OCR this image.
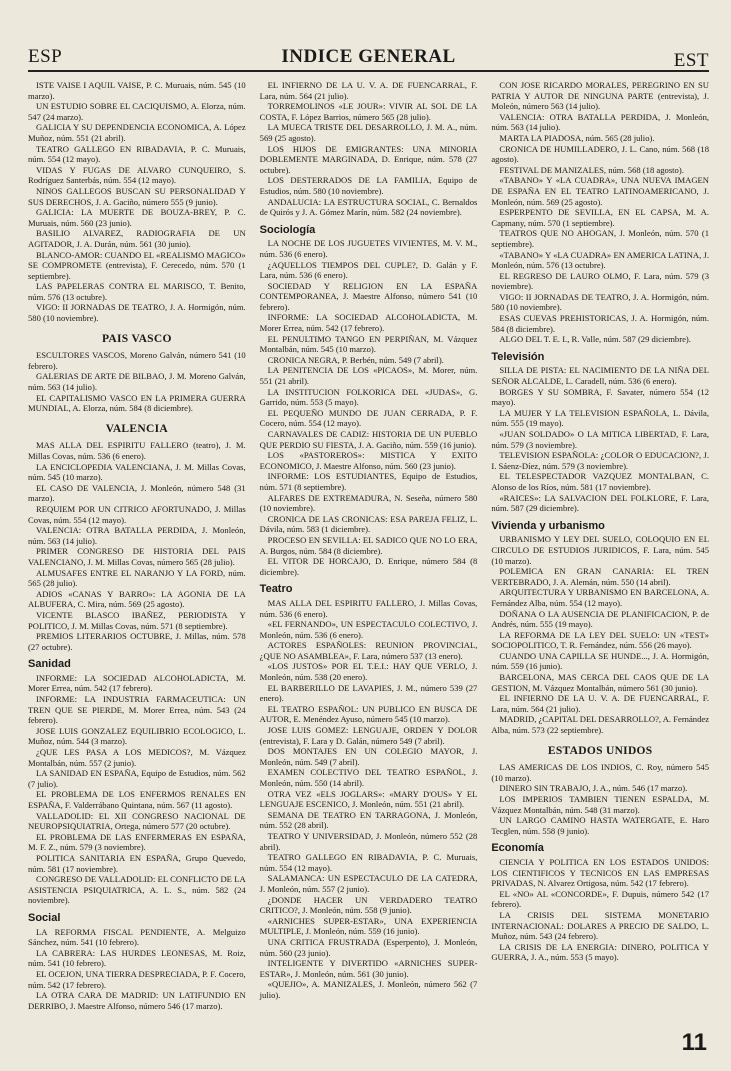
ESP	INDICE GENERAL	EST
ISTE VAISE I AQUIL VAISE, P. C. Muruais, núm. 545 (10 marzo).
UN ESTUDIO SOBRE EL CACIQUISMO, A. Elorza, núm. 547 (24 marzo).
GALICIA Y SU DEPENDENCIA ECONOMICA, A. López Muñoz, núm. 551 (21 abril).
TEATRO GALLEGO EN RIBADAVIA, P. C. Muruais, núm. 554 (12 mayo).
VIDAS Y FUGAS DE ALVARO CUNQUEIRO, S. Rodríguez Santerbás, núm. 554 (12 mayo).
NINOS GALLEGOS BUSCAN SU PERSONALIDAD Y SUS DERECHOS, J. A. Gaciño, número 555 (9 junio).
GALICIA: LA MUERTE DE BOUZA-BREY, P. C. Muruais, núm. 560 (23 junio).
BASILIO ALVAREZ, RADIOGRAFIA DE UN AGITADOR, J. A. Durán, núm. 561 (30 junio).
BLANCO-AMOR: CUANDO EL «REALISMO MAGICO» SE COMPROMETE (entrevista), F. Cerecedo, núm. 570 (1 septiembre).
LAS PAPELERAS CONTRA EL MARISCO, T. Benito, núm. 576 (13 octubre).
VIGO: II JORNADAS DE TEATRO, J. A. Hormigón, núm. 580 (10 noviembre).
PAIS VASCO
ESCULTORES VASCOS, Moreno Galván, número 541 (10 febrero).
GALERIAS DE ARTE DE BILBAO, J. M. Moreno Galván, núm. 563 (14 julio).
EL CAPITALISMO VASCO EN LA PRIMERA GUERRA MUNDIAL, A. Elorza, núm. 584 (8 diciembre).
VALENCIA
MAS ALLA DEL ESPIRITU FALLERO (teatro), J. M. Millas Covas, núm. 536 (6 enero).
LA ENCICLOPEDIA VALENCIANA, J. M. Millas Covas, núm. 545 (10 marzo).
EL CASO DE VALENCIA, J. Monleón, número 548 (31 marzo).
REQUIEM POR UN CITRICO AFORTUNADO, J. Millas Covas, núm. 554 (12 mayo).
VALENCIA: OTRA BATALLA PERDIDA, J. Monleón, núm. 563 (14 julio).
PRIMER CONGRESO DE HISTORIA DEL PAIS VALENCIANO, J. M. Millas Covas, número 565 (28 julio).
ALMUSAFES ENTRE EL NARANJO Y LA FORD, núm. 565 (28 julio).
ADIOS «CANAS Y BARRO»: LA AGONIA DE LA ALBUFERA, C. Mira, núm. 569 (25 agosto).
VICENTE BLASCO IBAÑEZ, PERIODISTA Y POLITICO, J. M. Millas Covas, núm. 571 (8 septiembre).
PREMIOS LITERARIOS OCTUBRE, J. Millas, núm. 578 (27 octubre).
Sanidad
INFORME: LA SOCIEDAD ALCOHOLADICTA, M. Morer Errea, núm. 542 (17 febrero).
INFORME: LA INDUSTRIA FARMACEUTICA: UN TREN QUE SE PIERDE, M. Morer Errea, núm. 543 (24 febrero).
JOSE LUIS GONZALEZ EQUILIBRIO ECOLOGICO, L. Muñoz, núm. 544 (3 marzo).
¿QUE LES PASA A LOS MEDICOS?, M. Vázquez Montalbán, núm. 557 (2 junio).
LA SANIDAD EN ESPAÑA, Equipo de Estudios, núm. 562 (7 julio).
EL PROBLEMA DE LOS ENFERMOS RENALES EN ESPAÑA, F. Valderrábano Quintana, núm. 567 (11 agosto).
VALLADOLID: EL XII CONGRESO NACIONAL DE NEUROPSIQUIATRIA, Ortega, número 577 (20 octubre).
EL PROBLEMA DE LAS ENFERMERAS EN ESPAÑA, M. F. Z., núm. 579 (3 noviembre).
POLITICA SANITARIA EN ESPAÑA, Grupo Quevedo, núm. 581 (17 noviembre).
CONGRESO DE VALLADOLID: EL CONFLICTO DE LA ASISTENCIA PSIQUIATRICA, A. L. S., núm. 582 (24 noviembre).
Social
LA REFORMA FISCAL PENDIENTE, A. Melguizo Sánchez, núm. 541 (10 febrero).
LA CABRERA: LAS HURDES LEONESAS, M. Roiz, núm. 541 (10 febrero).
EL OCEJON, UNA TIERRA DESPRECIADA, P. F. Cocero, núm. 542 (17 febrero).
LA OTRA CARA DE MADRID: UN LATIFUNDIO EN DERRIBO, J. Maestre Alfonso, número 546 (17 marzo).
EL INFIERNO DE LA U. V. A. DE FUENCARRAL, F. Lara, núm. 564 (21 julio).
TORREMOLINOS «LE JOUR»: VIVIR AL SOL DE LA COSTA, F. López Barrios, número 565 (28 julio).
LA MUECA TRISTE DEL DESARROLLO, J. M. A., núm. 569 (25 agosto).
LOS HIJOS DE EMIGRANTES: UNA MINORIA DOBLEMENTE MARGINADA, D. Enrique, núm. 578 (27 octubre).
LOS DESTERRADOS DE LA FAMILIA, Equipo de Estudios, núm. 580 (10 noviembre).
ANDALUCIA: LA ESTRUCTURA SOCIAL, C. Bernaldos de Quirós y J. A. Gómez Marín, núm. 582 (24 noviembre).
Sociología
LA NOCHE DE LOS JUGUETES VIVIENTES, M. V. M., núm. 536 (6 enero).
¿AQUELLOS TIEMPOS DEL CUPLE?, D. Galán y F. Lara, núm. 536 (6 enero).
SOCIEDAD Y RELIGION EN LA ESPAÑA CONTEMPORANEA, J. Maestre Alfonso, número 541 (10 febrero).
INFORME: LA SOCIEDAD ALCOHOLADICTA, M. Morer Errea, núm. 542 (17 febrero).
EL PENULTIMO TANGO EN PERPIÑAN, M. Vázquez Montalbán, núm. 545 (10 marzo).
CRONICA NEGRA, P. Berbén, núm. 549 (7 abril).
LA PENITENCIA DE LOS «PICAOS», M. Morer, núm. 551 (21 abril).
LA INSTITUCION FOLKORICA DEL «JUDAS», G. Garrido, núm. 553 (5 mayo).
EL PEQUEÑO MUNDO DE JUAN CERRADA, P. F. Cocero, núm. 554 (12 mayo).
CARNAVALES DE CADIZ: HISTORIA DE UN PUEBLO QUE PERDIO SU FIESTA, J. A. Gaciño, núm. 559 (16 junio).
LOS «PASTOREROS»: MISTICA Y EXITO ECONOMICO, J. Maestre Alfonso, núm. 560 (23 junio).
INFORME: LOS ESTUDIANTES, Equipo de Estudios, núm. 571 (8 septiembre).
ALFARES DE EXTREMADURA, N. Seseña, número 580 (10 noviembre).
CRONICA DE LAS CRONICAS: ESA PAREJA FELIZ, L. Dávila, núm. 583 (1 diciembre).
PROCESO EN SEVILLA: EL SADICO QUE NO LO ERA, A. Burgos, núm. 584 (8 diciembre).
EL VITOR DE HORCAJO, D. Enrique, número 584 (8 diciembre).
Teatro
MAS ALLA DEL ESPIRITU FALLERO, J. Millas Covas, núm. 536 (6 enero).
«EL FERNANDO», UN ESPECTACULO COLECTIVO, J. Monleón, núm. 536 (6 enero).
ACTORES ESPAÑOLES: REUNION PROVINCIAL, ¿QUE NO ASAMBLEA», F. Lara, número 537 (13 enero).
«LOS JUSTOS» POR EL T.E.I.: HAY QUE VERLO, J. Monleón, núm. 538 (20 enero).
EL BARBERILLO DE LAVAPIES, J. M., número 539 (27 enero).
EL TEATRO ESPAÑOL: UN PUBLICO EN BUSCA DE AUTOR, E. Menéndez Ayuso, número 545 (10 marzo).
JOSE LUIS GOMEZ: LENGUAJE, ORDEN Y DOLOR (entrevista), F. Lara y D. Galán, número 549 (7 abril).
DOS MONTAJES EN UN COLEGIO MAYOR, J. Monleón, núm. 549 (7 abril).
EXAMEN COLECTIVO DEL TEATRO ESPAÑOL, J. Monleón, núm. 550 (14 abril).
OTRA VEZ «ELS JOGLARS»: «MARY D'OUS» Y EL LENGUAJE ESCENICO, J. Monleón, núm. 551 (21 abril).
SEMANA DE TEATRO EN TARRAGONA, J. Monleón, núm. 552 (28 abril).
TEATRO Y UNIVERSIDAD, J. Monleón, número 552 (28 abril).
TEATRO GALLEGO EN RIBADAVIA, P. C. Muruais, núm. 554 (12 mayo).
SALAMANCA: UN ESPECTACULO DE LA CATEDRA, J. Monleón, núm. 557 (2 junio).
¿DONDE HACER UN VERDADERO TEATRO CRITICO?, J. Monleón, núm. 558 (9 junio).
«ARNICHES SUPER-ESTAR», UNA EXPERIENCIA MULTIPLE, J. Monleón, núm. 559 (16 junio).
UNA CRITICA FRUSTRADA (Esperpento), J. Monleón, núm. 560 (23 junio).
INTELIGENTE Y DIVERTIDO «ARNICHES SUPER-ESTAR», J. Monleón, núm. 561 (30 junio).
«QUEJIO», A. MANIZALES, J. Monleón, número 562 (7 julio).
CON JOSE RICARDO MORALES, PEREGRINO EN SU PATRIA Y AUTOR DE NINGUNA PARTE (entrevista), J. Moleón, número 563 (14 julio).
VALENCIA: OTRA BATALLA PERDIDA, J. Monleón, núm. 563 (14 julio).
MARTA LA PIADOSA, núm. 565 (28 julio).
CRONICA DE HUMILLADERO, J. L. Cano, núm. 568 (18 agosto).
FESTIVAL DE MANIZALES, núm. 568 (18 agosto).
«TABANO» Y «LA CUADRA», UNA NUEVA IMAGEN DE ESPAÑA EN EL TEATRO LATINOAMERICANO, J. Monleón, núm. 569 (25 agosto).
ESPERPENTO DE SEVILLA, EN EL CAPSA, M. A. Capmany, núm. 570 (1 septiembre).
TEATROS QUE NO AHOGAN, J. Monleón, núm. 570 (1 septiembre).
«TABANO» Y «LA CUADRA» EN AMERICA LATINA, J. Monleón, núm. 576 (13 octubre).
EL REGRESO DE LAURO OLMO, F. Lara, núm. 579 (3 noviembre).
VIGO: II JORNADAS DE TEATRO, J. A. Hormigón, núm. 580 (10 noviembre).
ESAS CUEVAS PREHISTORICAS, J. A. Hormigón, núm. 584 (8 diciembre).
ALGO DEL T. E. I., R. Valle, núm. 587 (29 diciembre).
Televisión
SILLA DE PISTA: EL NACIMIENTO DE LA NIÑA DEL SEÑOR ALCALDE, L. Caradell, núm. 536 (6 enero).
BORGES Y SU SOMBRA, F. Savater, número 554 (12 mayo).
LA MUJER Y LA TELEVISION ESPAÑOLA, L. Dávila, núm. 555 (19 mayo).
«JUAN SOLDADO» O LA MITICA LIBERTAD, F. Lara, núm. 579 (3 noviembre).
TELEVISION ESPAÑOLA: ¿COLOR O EDUCACION?, J. I. Sáenz-Díez, núm. 579 (3 noviembre).
EL TELESPECTADOR VAZQUEZ MONTALBAN, C. Alonso de los Ríos, núm. 581 (17 noviembre).
«RAICES»: LA SALVACION DEL FOLKLORE, F. Lara, núm. 587 (29 diciembre).
Vivienda y urbanismo
URBANISMO Y LEY DEL SUELO, COLOQUIO EN EL CIRCULO DE ESTUDIOS JURIDICOS, F. Lara, núm. 545 (10 marzo).
POLEMICA EN GRAN CANARIA: EL TREN VERTEBRADO, J. A. Alemán, núm. 550 (14 abril).
ARQUITECTURA Y URBANISMO EN BARCELONA, A. Fernández Alba, núm. 554 (12 mayo).
DOÑANA O LA AUSENCIA DE PLANIFICACION, P. de Andrés, núm. 555 (19 mayo).
LA REFORMA DE LA LEY DEL SUELO: UN «TEST» SOCIOPOLITICO, T. R. Fernández, núm. 556 (26 mayo).
CUANDO UNA CAPILLA SE HUNDE..., J. A. Hormigón, núm. 559 (16 junio).
BARCELONA, MAS CERCA DEL CAOS QUE DE LA GESTION, M. Vázquez Montalbán, número 561 (30 junio).
EL INFIERNO DE LA U. V. A. DE FUENCARRAL, F. Lara, núm. 564 (21 julio).
MADRID, ¿CAPITAL DEL DESARROLLO?, A. Fernández Alba, núm. 573 (22 septiembre).
ESTADOS UNIDOS
LAS AMERICAS DE LOS INDIOS, C. Roy, número 545 (10 marzo).
DINERO SIN TRABAJO, J. A., núm. 546 (17 marzo).
LOS IMPERIOS TAMBIEN TIENEN ESPALDA, M. Vázquez Montalbán, núm. 548 (31 marzo).
UN LARGO CAMINO HASTA WATERGATE, E. Haro Tecglen, núm. 558 (9 junio).
Economía
CIENCIA Y POLITICA EN LOS ESTADOS UNIDOS: LOS CIENTIFICOS Y TECNICOS EN LAS EMPRESAS PRIVADAS, N. Alvarez Ortigosa, núm. 542 (17 febrero).
EL «NO» AL «CONCORDE», F. Dupuis, número 542 (17 febrero).
LA CRISIS DEL SISTEMA MONETARIO INTERNACIONAL: DOLARES A PRECIO DE SALDO, L. Muñoz, núm. 543 (24 febrero).
LA CRISIS DE LA ENERGIA: DINERO, POLITICA Y GUERRA, J. A., núm. 553 (5 mayo).
11
